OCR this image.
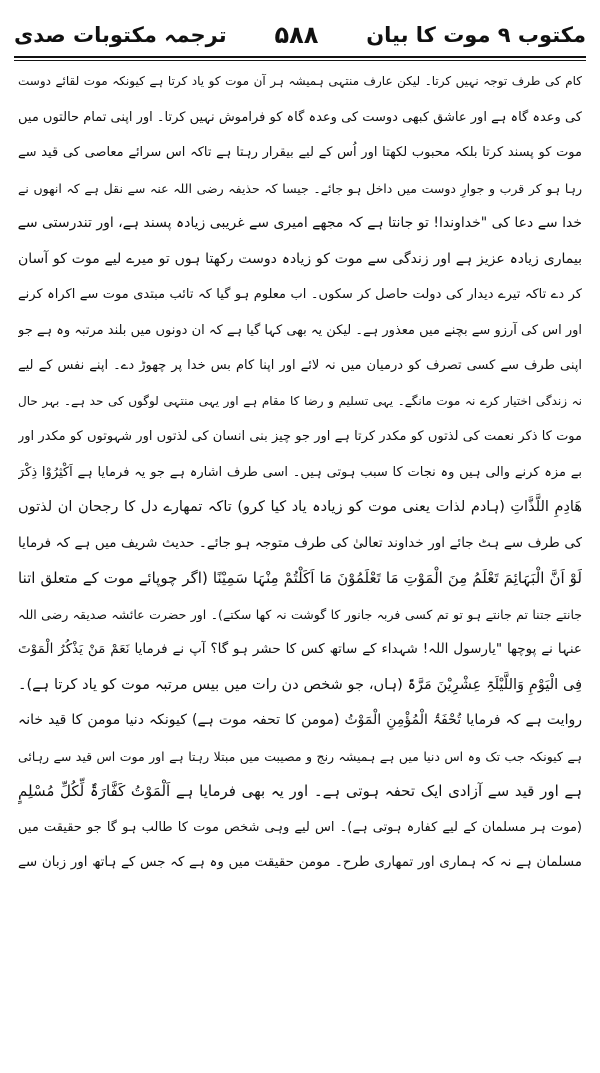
ترجمہ مکتوبات صدی ۵۸۸ مکتوب ۹ موت کا بیان
کام کی طرف توجہ نہیں کرتا۔ لیکن عارف منتہی ہمیشہ ہر آن موت کو یاد کرتا ہے کیونکہ موت لقائے دوست
کی وعدہ گاہ ہے اور عاشق کبھی دوست کی وعدہ گاہ کو فراموش نہیں کرتا۔ اور اپنی تمام حالتوں میں
موت کو پسند کرتا بلکہ محبوب لکھتا اور اُس کے لیے بیقرار رہتا ہے تاکہ اس سرائے معاصی کی قید سے
رہا ہو کر قرب و جوارِ دوست میں داخل ہو جائے۔ جیسا کہ حذیفہ رضی اللہ عنہ سے نقل ہے کہ انھوں نے
خدا سے دعا کی "خداوندا! تو جانتا ہے کہ مجھے امیری سے غریبی زیادہ پسند ہے، اور تندرستی سے
بیماری زیادہ عزیز ہے اور زندگی سے موت کو زیادہ دوست رکھتا ہوں تو میرے لیے موت کو آسان
کر دے تاکہ تیرے دیدار کی دولت حاصل کر سکوں۔ اب معلوم ہو گیا کہ تائب مبتدی موت سے اکراہ کرنے
اور اس کی آرزو سے بچنے میں معذور ہے۔ لیکن یہ بھی کہا گیا ہے کہ ان دونوں میں بلند مرتبہ وہ ہے جو
اپنی طرف سے کسی تصرف کو درمیان میں نہ لائے اور اپنا کام بس خدا پر چھوڑ دے۔ اپنے نفس کے لیے
نہ زندگی اختیار کرے نہ موت مانگے۔ یہی تسلیم و رضا کا مقام ہے اور یہی منتہی لوگوں کی حد ہے۔ بہر حال
موت کا ذکر نعمت کی لذتوں کو مکدر کرتا ہے اور جو چیز بنی انسان کی لذتوں اور شہوتوں کو مکدر اور
بے مزہ کرنے والی ہیں وہ نجات کا سبب ہوتی ہیں۔ اسی طرف اشارہ ہے جو یہ فرمایا ہے اَکْثِرُوْا ذِکْرَ
ھَادِمِ اللَّذَّاتِ (ہادم لذات یعنی موت کو زیادہ یاد کیا کرو) تاکہ تمھارے دل کا رجحان ان لذتوں
کی طرف سے ہٹ جائے اور خداوند تعالیٰ کی طرف متوجہ ہو جائے۔ حدیث شریف میں ہے کہ فرمایا
لَوْ اَنَّ الْبَہَائِمَ تَعْلَمُ مِنَ الْمَوْتِ مَا تَعْلَمُوْنَ مَا اَکَلْتُمْ مِنْہَا سَمِیْنًا (اگر چوپائے موت کے متعلق اتنا
جانتے جتنا تم جانتے ہو تو تم کسی فربہ جانور کا گوشت نہ کھا سکتے)۔ اور حضرت عائشہ صدیقہ رضی اللہ
عنہا نے پوچھا "یارسول اللہ! شہداء کے ساتھ کس کا حشر ہو گا؟ آپ نے فرمایا نَعَمْ مَنْ یَذْکُرُ الْمَوْتَ
فِی الْیَوْمِ وَاللَّیْلَۃِ عِشْرِیْنَ مَرَّۃً (ہاں، جو شخص دن رات میں بیس مرتبہ موت کو یاد کرتا ہے)۔
روایت ہے کہ فرمایا تُحْفَۃُ الْمُؤْمِنِ الْمَوْتُ (مومن کا تحفہ موت ہے) کیونکہ دنیا مومن کا قید خانہ
ہے کیونکہ جب تک وہ اس دنیا میں ہے ہمیشہ رنج و مصیبت میں مبتلا رہتا ہے اور موت اس قید سے رہائی
ہے اور قید سے آزادی ایک تحفہ ہوتی ہے۔ اور یہ بھی فرمایا ہے اَلْمَوْتُ کَفَّارَۃٌ لِّکُلِّ مُسْلِمٍ
(موت ہر مسلمان کے لیے کفارہ ہوتی ہے)۔ اس لیے وہی شخص موت کا طالب ہو گا جو حقیقت میں
مسلمان ہے نہ کہ ہماری اور تمھاری طرح۔ مومن حقیقت میں وہ ہے کہ جس کے ہاتھ اور زبان سے
